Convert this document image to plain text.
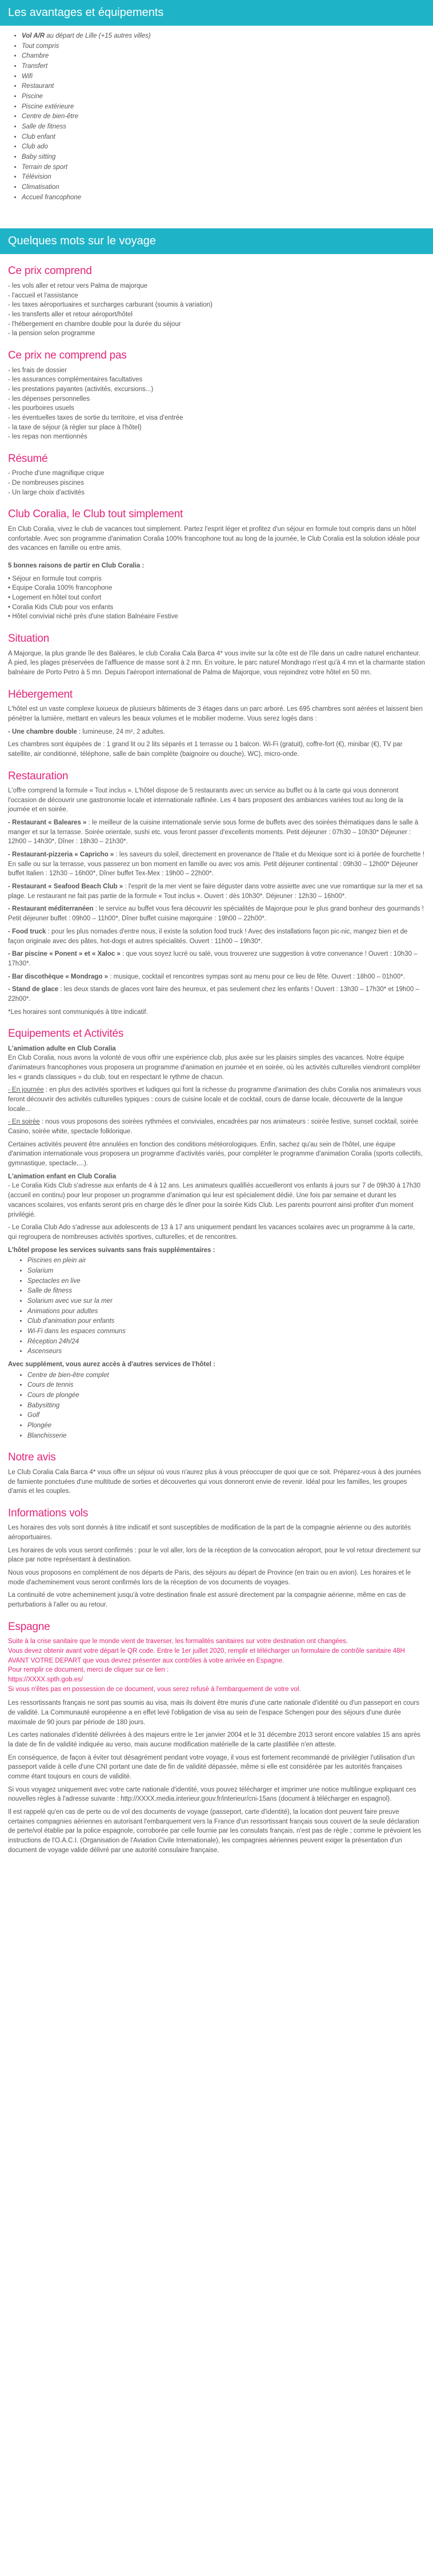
Les avantages et équipements
• Vol A/R au départ de Lille (+15 autres villes)
• Tout compris
• Chambre
• Transfert
• Wifi
• Restaurant
• Piscine
• Piscine extérieure
• Centre de bien-être
• Salle de fitness
• Club enfant
• Club ado
• Baby sitting
• Terrain de sport
• Télévision
• Climatisation
• Accueil francophone
Quelques mots sur le voyage
Ce prix comprend
- les vols aller et retour vers Palma de majorque
- l'accueil et l'assistance
- les taxes aéroportuaires et surcharges carburant (soumis à variation)
- les transferts aller et retour aéroport/hôtel
- l'hébergement en chambre double pour la durée du séjour
- la pension selon programme
Ce prix ne comprend pas
- les frais de dossier
- les assurances complémentaires facultatives
- les prestations payantes (activités, excursions...)
- les dépenses personnelles
- les pourboires usuels
- les éventuelles taxes de sortie du territoire, et visa d'entrée
- la taxe de séjour (à régler sur place à l'hôtel)
- les repas non mentionnés
Résumé
- Proche d'une magnifique crique
- De nombreuses piscines
- Un large choix d'activités
Club Coralia, le Club tout simplement

En Club Coralia, vivez le club de vacances tout simplement. Partez l'esprit léger et profitez d'un séjour en formule tout compris dans un hôtel confortable. Avec son programme d'animation Coralia 100% francophone tout au long de la journée, le Club Coralia est la solution idéale pour des vacances en famille ou entre amis.

5 bonnes raisons de partir en Club Coralia :

• Séjour en formule tout compris
• Equipe Coralia 100% francophone
• Logement en hôtel tout confort
• Coralia Kids Club pour vos enfants
• Hôtel convivial niché près d'une station Balnéaire Festive
Situation

A Majorque, la plus grande île des Baléares, le club Coralia Cala Barca 4* vous invite sur la côte est de l'île dans un cadre naturel enchanteur. À pied, les plages préservées de l'affluence de masse sont à 2 mn. En voiture, le parc naturel Mondrago n'est qu'à 4 mn et la charmante station balnéaire de Porto Petro à 5 mn. Depuis l'aéroport international de Palma de Majorque, vous rejoindrez votre hôtel en 50 mn.

Hébergement

L'hôtel est un vaste complexe luxueux de plusieurs bâtiments de 3 étages dans un parc arboré. Les 695 chambres sont aérées et laissent bien pénétrer la lumière, mettant en valeurs les beaux volumes et le mobilier moderne. Vous serez logés dans :

- Une chambre double : lumineuse, 24 m², 2 adultes.

Les chambres sont équipées de : 1 grand lit ou 2 lits séparés et 1 terrasse ou 1 balcon. Wi-Fi (gratuit), coffre-fort (€), minibar (€), TV par satellite, air conditionné, téléphone, salle de bain complète (baignoire ou douche), WC), micro-onde.

Restauration

L'offre comprend la formule « Tout inclus ». L'hôtel dispose de 5 restaurants avec un service au buffet ou à la carte qui vous donneront l'occasion de découvrir une gastronomie locale et internationale raffinée. Les 4 bars proposent des ambiances variées tout au long de la journée et en soirée.

- Restaurant « Baleares » : le meilleur de la cuisine internationale servie sous forme de buffets avec des soirées thématiques dans le salle à manger et sur la terrasse. Soirée orientale, sushi etc. vous feront passer d'excellents moments. Petit déjeuner : 07h30 – 10h30* Déjeuner : 12h00 – 14h30*, Dîner : 18h30 – 21h30*.

- Restaurant-pizzeria « Capricho » : les saveurs du soleil, directement en provenance de l'Italie et du Mexique sont ici à portée de fourchette ! En salle ou sur la terrasse, vous passerez un bon moment en famille ou avec vos amis. Petit déjeuner continental : 09h30 – 12h00* Déjeuner buffet Italien : 12h30 – 16h00*, Dîner buffet Tex-Mex : 19h00 – 22h00*.

- Restaurant « Seafood Beach Club » : l'esprit de la mer vient se faire déguster dans votre assiette avec une vue romantique sur la mer et sa plage. Le restaurant ne fait pas partie de la formule « Tout inclus ». Ouvert : dès 10h30*. Déjeuner : 12h30 – 16h00*.

- Restaurant méditerranéen : le service au buffet vous fera découvrir les spécialités de Majorque pour le plus grand bonheur des gourmands ! Petit déjeuner buffet : 09h00 – 11h00*, Dîner buffet cuisine majorquine : 19h00 – 22h00*.

- Food truck : pour les plus nomades d'entre nous, il existe la solution food truck ! Avec des installations façon pic-nic, mangez bien et de façon originale avec des pâtes, hot-dogs et autres spécialités. Ouvert : 11h00 – 19h30*.

- Bar piscine « Ponent » et « Xaloc » : que vous soyez lucré ou salé, vous trouverez une suggestion à votre convenance ! Ouvert : 10h30 – 17h30*.

- Bar discothèque « Mondrago » : musique, cocktail et rencontres sympas sont au menu pour ce lieu de fête. Ouvert : 18h00 – 01h00*.

- Stand de glace : les deux stands de glaces vont faire des heureux, et pas seulement chez les enfants ! Ouvert : 13h30 – 17h30* et 19h00 – 22h00*.

*Les horaires sont communiqués à titre indicatif.

Equipements et Activités

L'animation adulte en Club Coralia

En Club Coralia, nous avons la volonté de vous offrir une expérience club, plus axée sur les plaisirs simples des vacances. Notre équipe d'animateurs francophones vous proposera un programme d'animation en journée et en soirée, où les activités culturelles viendront compléter les « grands classiques » du club, tout en respectant le rythme de chacun.

- En journée : en plus des activités sportives et ludiques qui font la richesse du programme d'animation des clubs Coralia nos animateurs vous feront découvrir des activités culturelles typiques : cours de cuisine locale et de cocktail, cours de danse locale, découverte de la langue locale...

- En soirée : nous vous proposons des soirées rythmées et conviviales, encadrées par nos animateurs : soirée festive, sunset cocktail, soirée Casino, soirée white, spectacle folklorique.

Certaines activités peuvent être annulées en fonction des conditions météorologiques. Enfin, sachez qu'au sein de l'hôtel, une équipe d'animation internationale vous proposera un programme d'activités variés, pour compléter le programme d'animation Coralia (sports collectifs, gymnastique, spectacle,...).

L'animation enfant en Club Coralia

- Le Coralia Kids Club s'adresse aux enfants de 4 à 12 ans. Les animateurs qualifiés accueilleront vos enfants à jours sur 7 de 09h30 à 17h30 (accueil en continu) pour leur proposer un programme d'animation qui leur est spécialement dédié. Une fois par semaine et durant les vacances scolaires, vos enfants seront pris en charge dès le dîner pour la soirée Kids Club. Les parents pourront ainsi profiter d'un moment privilégié.

- Le Coralia Club Ado s'adresse aux adolescents de 13 à 17 ans uniquement pendant les vacances scolaires avec un programme à la carte, qui regroupera de nombreuses activités sportives, culturelles, et de rencontres.

L'hôtel propose les services suivants sans frais supplémentaires :

• Piscines en plein air
• Solarium
• Spectacles en live
• Salle de fitness
• Solarium avec vue sur la mer
• Animations pour adultes
• Club d'animation pour enfants
• Wi-Fi dans les espaces communs
• Réception 24h/24
• Ascenseurs

Avec supplément, vous aurez accès à d'autres services de l'hôtel :

• Centre de bien-être complet
• Cours de tennis
• Cours de plongée
• Babysitting
• Golf
• Plongée
• Blanchisserie
Notre avis

Le Club Coralia Cala Barca 4* vous offre un séjour où vous n'aurez plus à vous préoccuper de quoi que ce soit. Préparez-vous à des journées de farniente ponctuées d'une multitude de sorties et découvertes qui vous donneront envie de revenir. Idéal pour les familles, les groupes d'amis et les couples.

Informations vols

Les horaires des vols sont donnés à titre indicatif et sont susceptibles de modification de la part de la compagnie aérienne ou des autorités aéroportuaires.

Les horaires de vols vous seront confirmés : pour le vol aller, lors de la réception de la convocation aéroport, pour le vol retour directement sur place par notre représentant à destination.

Nous vous proposons en complément de nos départs de Paris, des séjours au départ de Province (en train ou en avion). Les horaires et le mode d'acheminement vous seront confirmés lors de la réception de vos documents de voyages.

La continuité de votre acheminement jusqu'à votre destination finale est assuré directement par la compagnie aérienne, même en cas de perturbations à l'aller ou au retour.

Espagne
Suite à la crise sanitaire que le monde vient de traverser, les formalités sanitaires sur votre destination ont changées.
Vous devez obtenir avant votre départ le QR code. Entre le 1er juillet 2020, remplir et télécharger un formulaire de contrôle sanitaire 48H AVANT VOTRE DEPART que vous devrez présenter aux contrôles à votre arrivée en Espagne.
Pour remplir ce document, merci de cliquer sur ce lien :
https://XXXX.spth.gob.es/
Si vous n'êtes pas en possession de ce document, vous serez refusé à l'embarquement de votre vol.

Les ressortissants français ne sont pas soumis au visa, mais ils doivent être munis d'une carte nationale d'identité ou d'un passeport en cours de validité. La Communauté européenne a en effet levé l'obligation de visa au sein de l'espace Schengen pour des séjours d'une durée maximale de 90 jours par période de 180 jours.

Les cartes nationales d'identité délivrées à des majeurs entre le 1er janvier 2004 et le 31 décembre 2013 seront encore valables 15 ans après la date de fin de validité indiquée au verso, mais aucune modification matérielle de la carte plastifiée n'en atteste.

En conséquence, de façon à éviter tout désagrément pendant votre voyage, il vous est fortement recommandé de privilégier l'utilisation d'un passeport valide à celle d'une CNI portant une date de fin de validité dépassée, même si elle est considérée par les autorités françaises comme étant toujours en cours de validité.

Si vous voyagez uniquement avec votre carte nationale d'identité, vous pouvez télécharger et imprimer une notice multilingue expliquant ces nouvelles règles à l'adresse suivante : http://XXXX.media.interieur.gouv.fr/interieur/cni-15ans (document à télécharger en espagnol).

Il est rappelé qu'en cas de perte ou de vol des documents de voyage (passeport, carte d'identité), la location dont peuvent faire preuve certaines compagnies aériennes en autorisant l'embarquement vers la France d'un ressortissant français sous couvert de la seule déclaration de perte/vol établie par la police espagnole, corroborée par celle fournie par les consulats français, n'est pas de règle ; comme le prévoient les instructions de l'O.A.C.I. (Organisation de l'Aviation Civile Internationale), les compagnies aériennes peuvent exiger la présentation d'un document de voyage valide délivré par une autorité consulaire française.
